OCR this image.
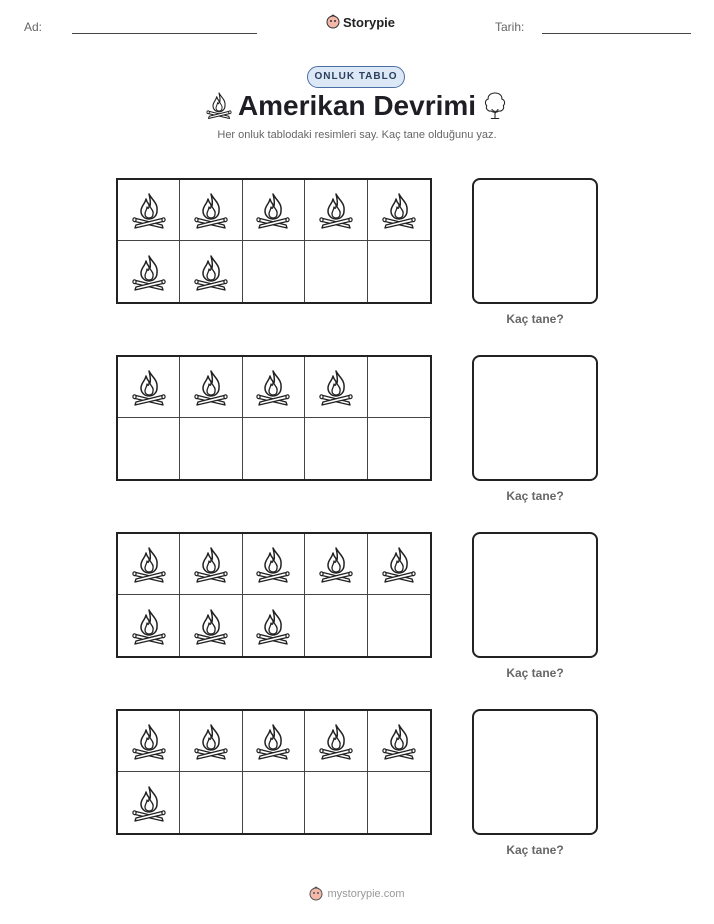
Ad:	Storypie	Tarih:
ONLUK TABLO
Amerikan Devrimi
Her onluk tablodaki resimleri say. Kaç tane olduğunu yaz.
Kaç tane?
Kaç tane?
Kaç tane?
Kaç tane?
mystorypie.com
